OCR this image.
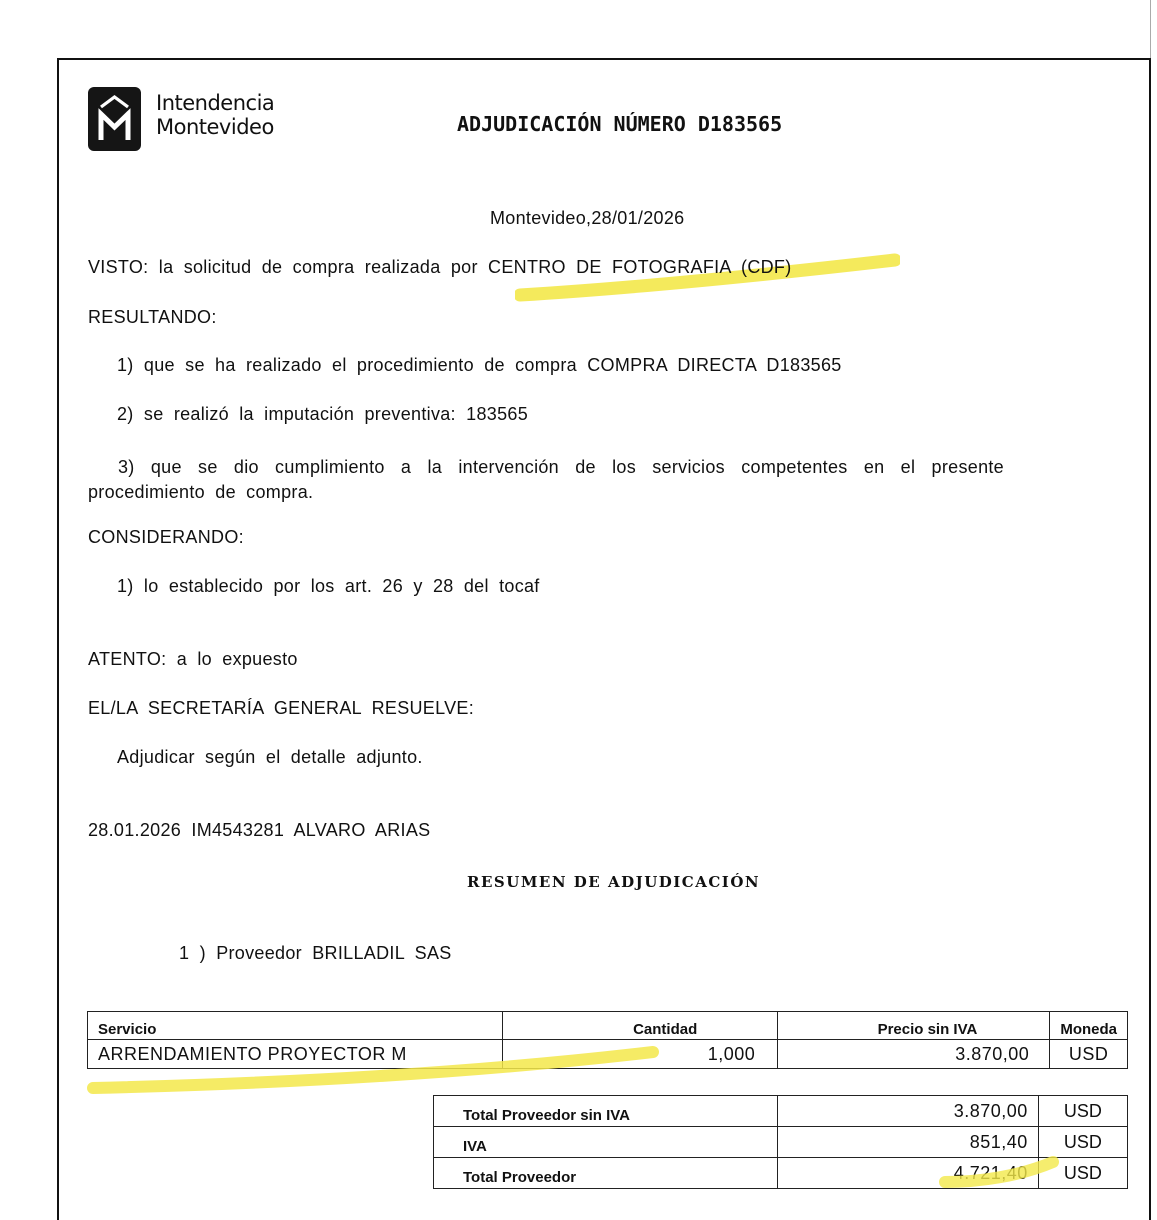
Intendencia
Montevideo	ADJUDICACIÓN NÚMERO D183565
Montevideo,28/01/2026
VISTO: la solicitud de compra realizada por CENTRO DE FOTOGRAFIA (CDF)
RESULTANDO:
1) que se ha realizado el procedimiento de compra COMPRA DIRECTA D183565
2) se realizó la imputación preventiva: 183565
3) que se dio cumplimiento a la intervención de los servicios competentes en el presente procedimiento de compra.
CONSIDERANDO:
1) lo establecido por los art. 26 y 28 del tocaf
ATENTO: a lo expuesto
EL/LA SECRETARÍA GENERAL RESUELVE:
Adjudicar según el detalle adjunto.
28.01.2026 IM4543281 ALVARO ARIAS
RESUMEN DE ADJUDICACIÓN
1 ) Proveedor BRILLADIL SAS
Servicio	Cantidad	Precio sin IVA	Moneda
ARRENDAMIENTO PROYECTOR M	1,000	3.870,00	USD
Total Proveedor sin IVA	3.870,00	USD
IVA	851,40	USD
Total Proveedor	4.721,40	USD
